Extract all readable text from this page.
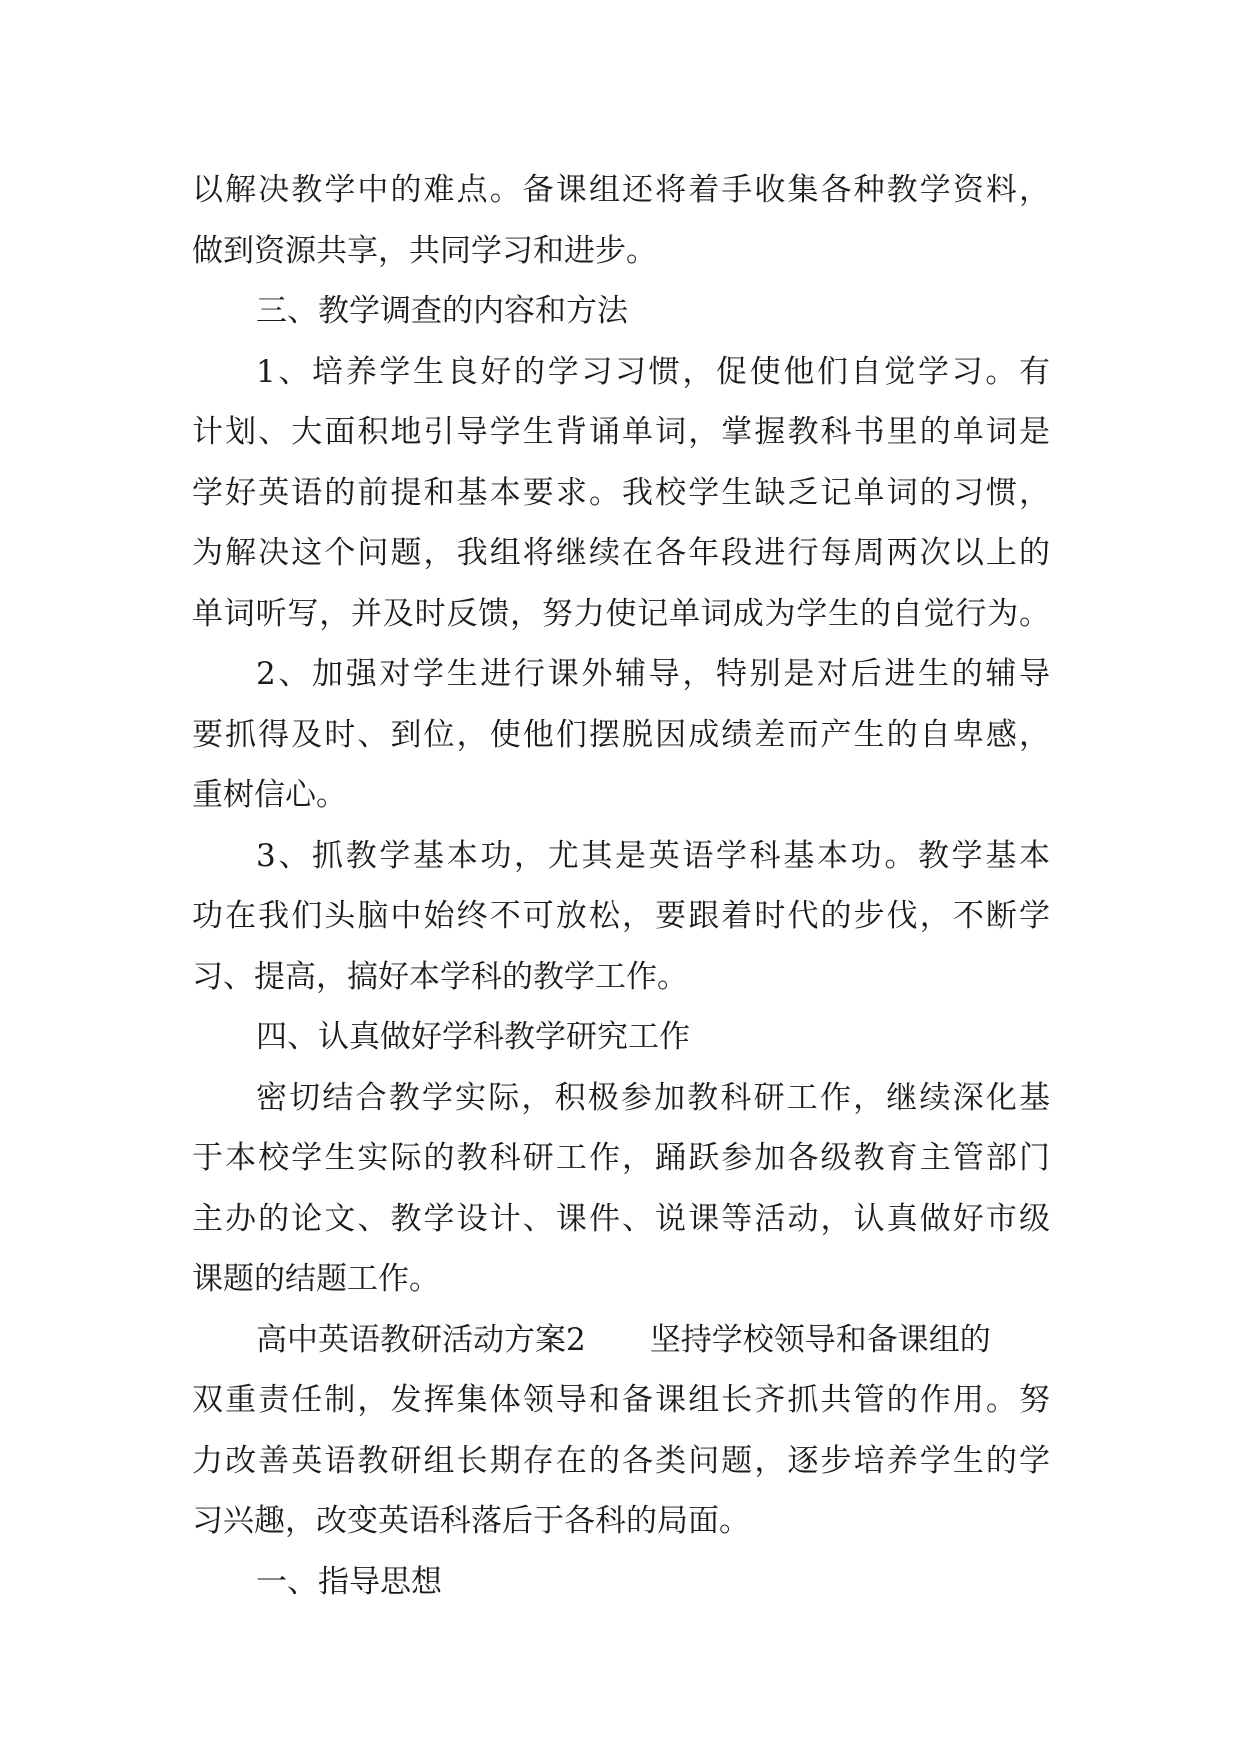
以解决教学中的难点。备课组还将着手收集各种教学资料，
做到资源共享，共同学习和进步。
三、教学调查的内容和方法
1、培养学生良好的学习习惯，促使他们自觉学习。有
计划、大面积地引导学生背诵单词，掌握教科书里的单词是
学好英语的前提和基本要求。我校学生缺乏记单词的习惯，
为解决这个问题，我组将继续在各年段进行每周两次以上的
单词听写，并及时反馈，努力使记单词成为学生的自觉行为。
2、加强对学生进行课外辅导，特别是对后进生的辅导
要抓得及时、到位，使他们摆脱因成绩差而产生的自卑感，
重树信心。
3、抓教学基本功，尤其是英语学科基本功。教学基本
功在我们头脑中始终不可放松，要跟着时代的步伐，不断学
习、提高，搞好本学科的教学工作。
四、认真做好学科教学研究工作
密切结合教学实际，积极参加教科研工作，继续深化基
于本校学生实际的教科研工作，踊跃参加各级教育主管部门
主办的论文、教学设计、课件、说课等活动，认真做好市级
课题的结题工作。
高中英语教研活动方案2 坚持学校领导和备课组的
双重责任制，发挥集体领导和备课组长齐抓共管的作用。努
力改善英语教研组长期存在的各类问题，逐步培养学生的学
习兴趣，改变英语科落后于各科的局面。
一、指导思想
